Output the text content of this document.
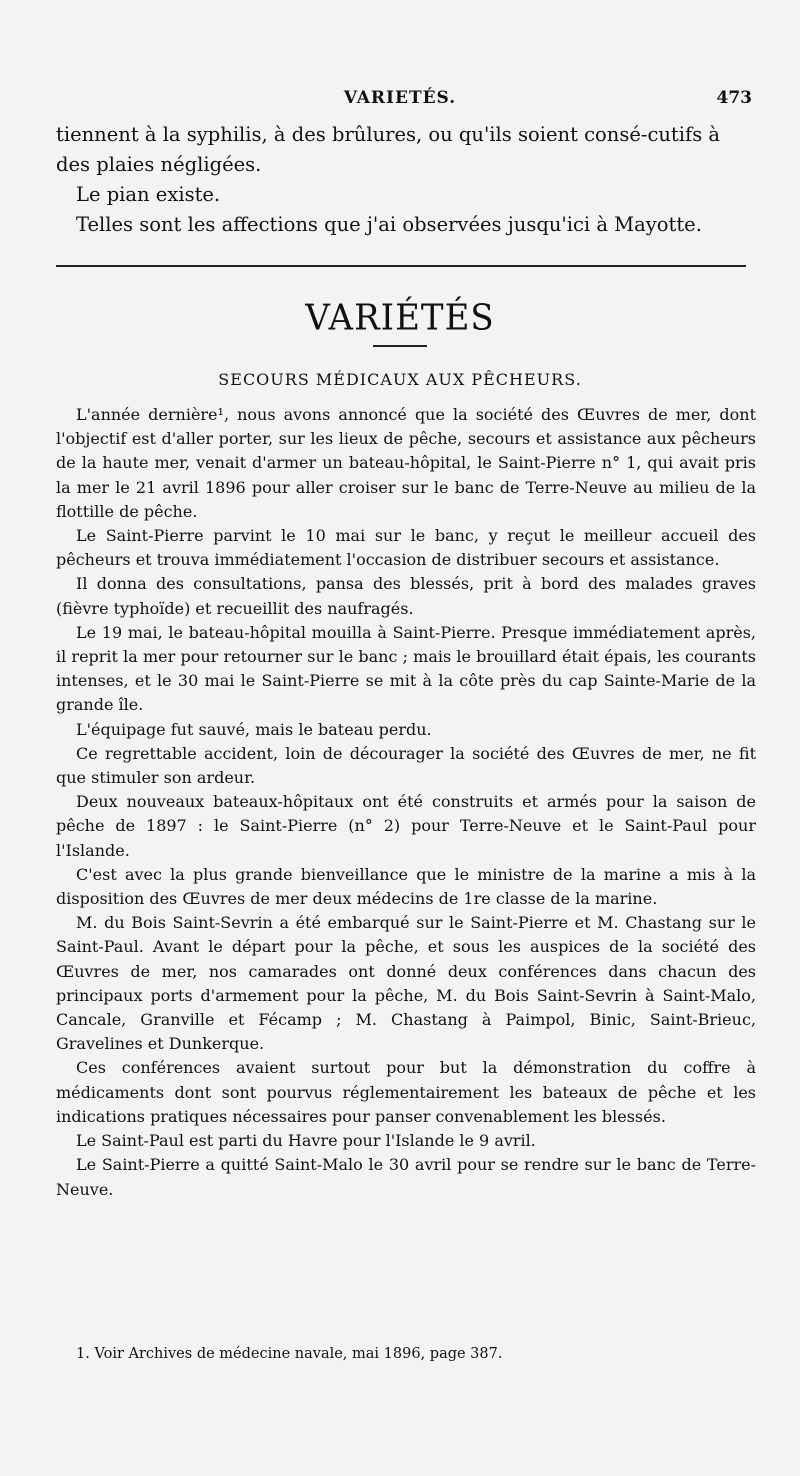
VARIETÉS.	473

tiennent à la syphilis, à des brûlures, ou qu'ils soient consé-cutifs à des plaies négligées.

Le pian existe.

Telles sont les affections que j'ai observées jusqu'ici à Mayotte.

VARIÉTÉS
SECOURS MÉDICAUX AUX PÊCHEURS.

L'année dernière¹, nous avons annoncé que la société des Œuvres de mer, dont l'objectif est d'aller porter, sur les lieux de pêche, secours et assistance aux pêcheurs de la haute mer, venait d'armer un bateau-hôpital, le Saint-Pierre n° 1, qui avait pris la mer le 21 avril 1896 pour aller croiser sur le banc de Terre-Neuve au milieu de la flottille de pêche.

Le Saint-Pierre parvint le 10 mai sur le banc, y reçut le meilleur accueil des pêcheurs et trouva immédiatement l'occasion de distribuer secours et assistance.

Il donna des consultations, pansa des blessés, prit à bord des malades graves (fièvre typhoïde) et recueillit des naufragés.

Le 19 mai, le bateau-hôpital mouilla à Saint-Pierre. Presque immédiatement après, il reprit la mer pour retourner sur le banc ; mais le brouillard était épais, les courants intenses, et le 30 mai le Saint-Pierre se mit à la côte près du cap Sainte-Marie de la grande île.

L'équipage fut sauvé, mais le bateau perdu.

Ce regrettable accident, loin de décourager la société des Œuvres de mer, ne fit que stimuler son ardeur.

Deux nouveaux bateaux-hôpitaux ont été construits et armés pour la saison de pêche de 1897 : le Saint-Pierre (n° 2) pour Terre-Neuve et le Saint-Paul pour l'Islande.

C'est avec la plus grande bienveillance que le ministre de la marine a mis à la disposition des Œuvres de mer deux médecins de 1re classe de la marine.

M. du Bois Saint-Sevrin a été embarqué sur le Saint-Pierre et M. Chastang sur le Saint-Paul. Avant le départ pour la pêche, et sous les auspices de la société des Œuvres de mer, nos camarades ont donné deux conférences dans chacun des principaux ports d'armement pour la pêche, M. du Bois Saint-Sevrin à Saint-Malo, Cancale, Granville et Fécamp ; M. Chastang à Paimpol, Binic, Saint-Brieuc, Gravelines et Dunkerque.

Ces conférences avaient surtout pour but la démonstration du coffre à médicaments dont sont pourvus réglementairement les bateaux de pêche et les indications pratiques nécessaires pour panser convenablement les blessés.

Le Saint-Paul est parti du Havre pour l'Islande le 9 avril.

Le Saint-Pierre a quitté Saint-Malo le 30 avril pour se rendre sur le banc de Terre-Neuve.

1. Voir Archives de médecine navale, mai 1896, page 387.
